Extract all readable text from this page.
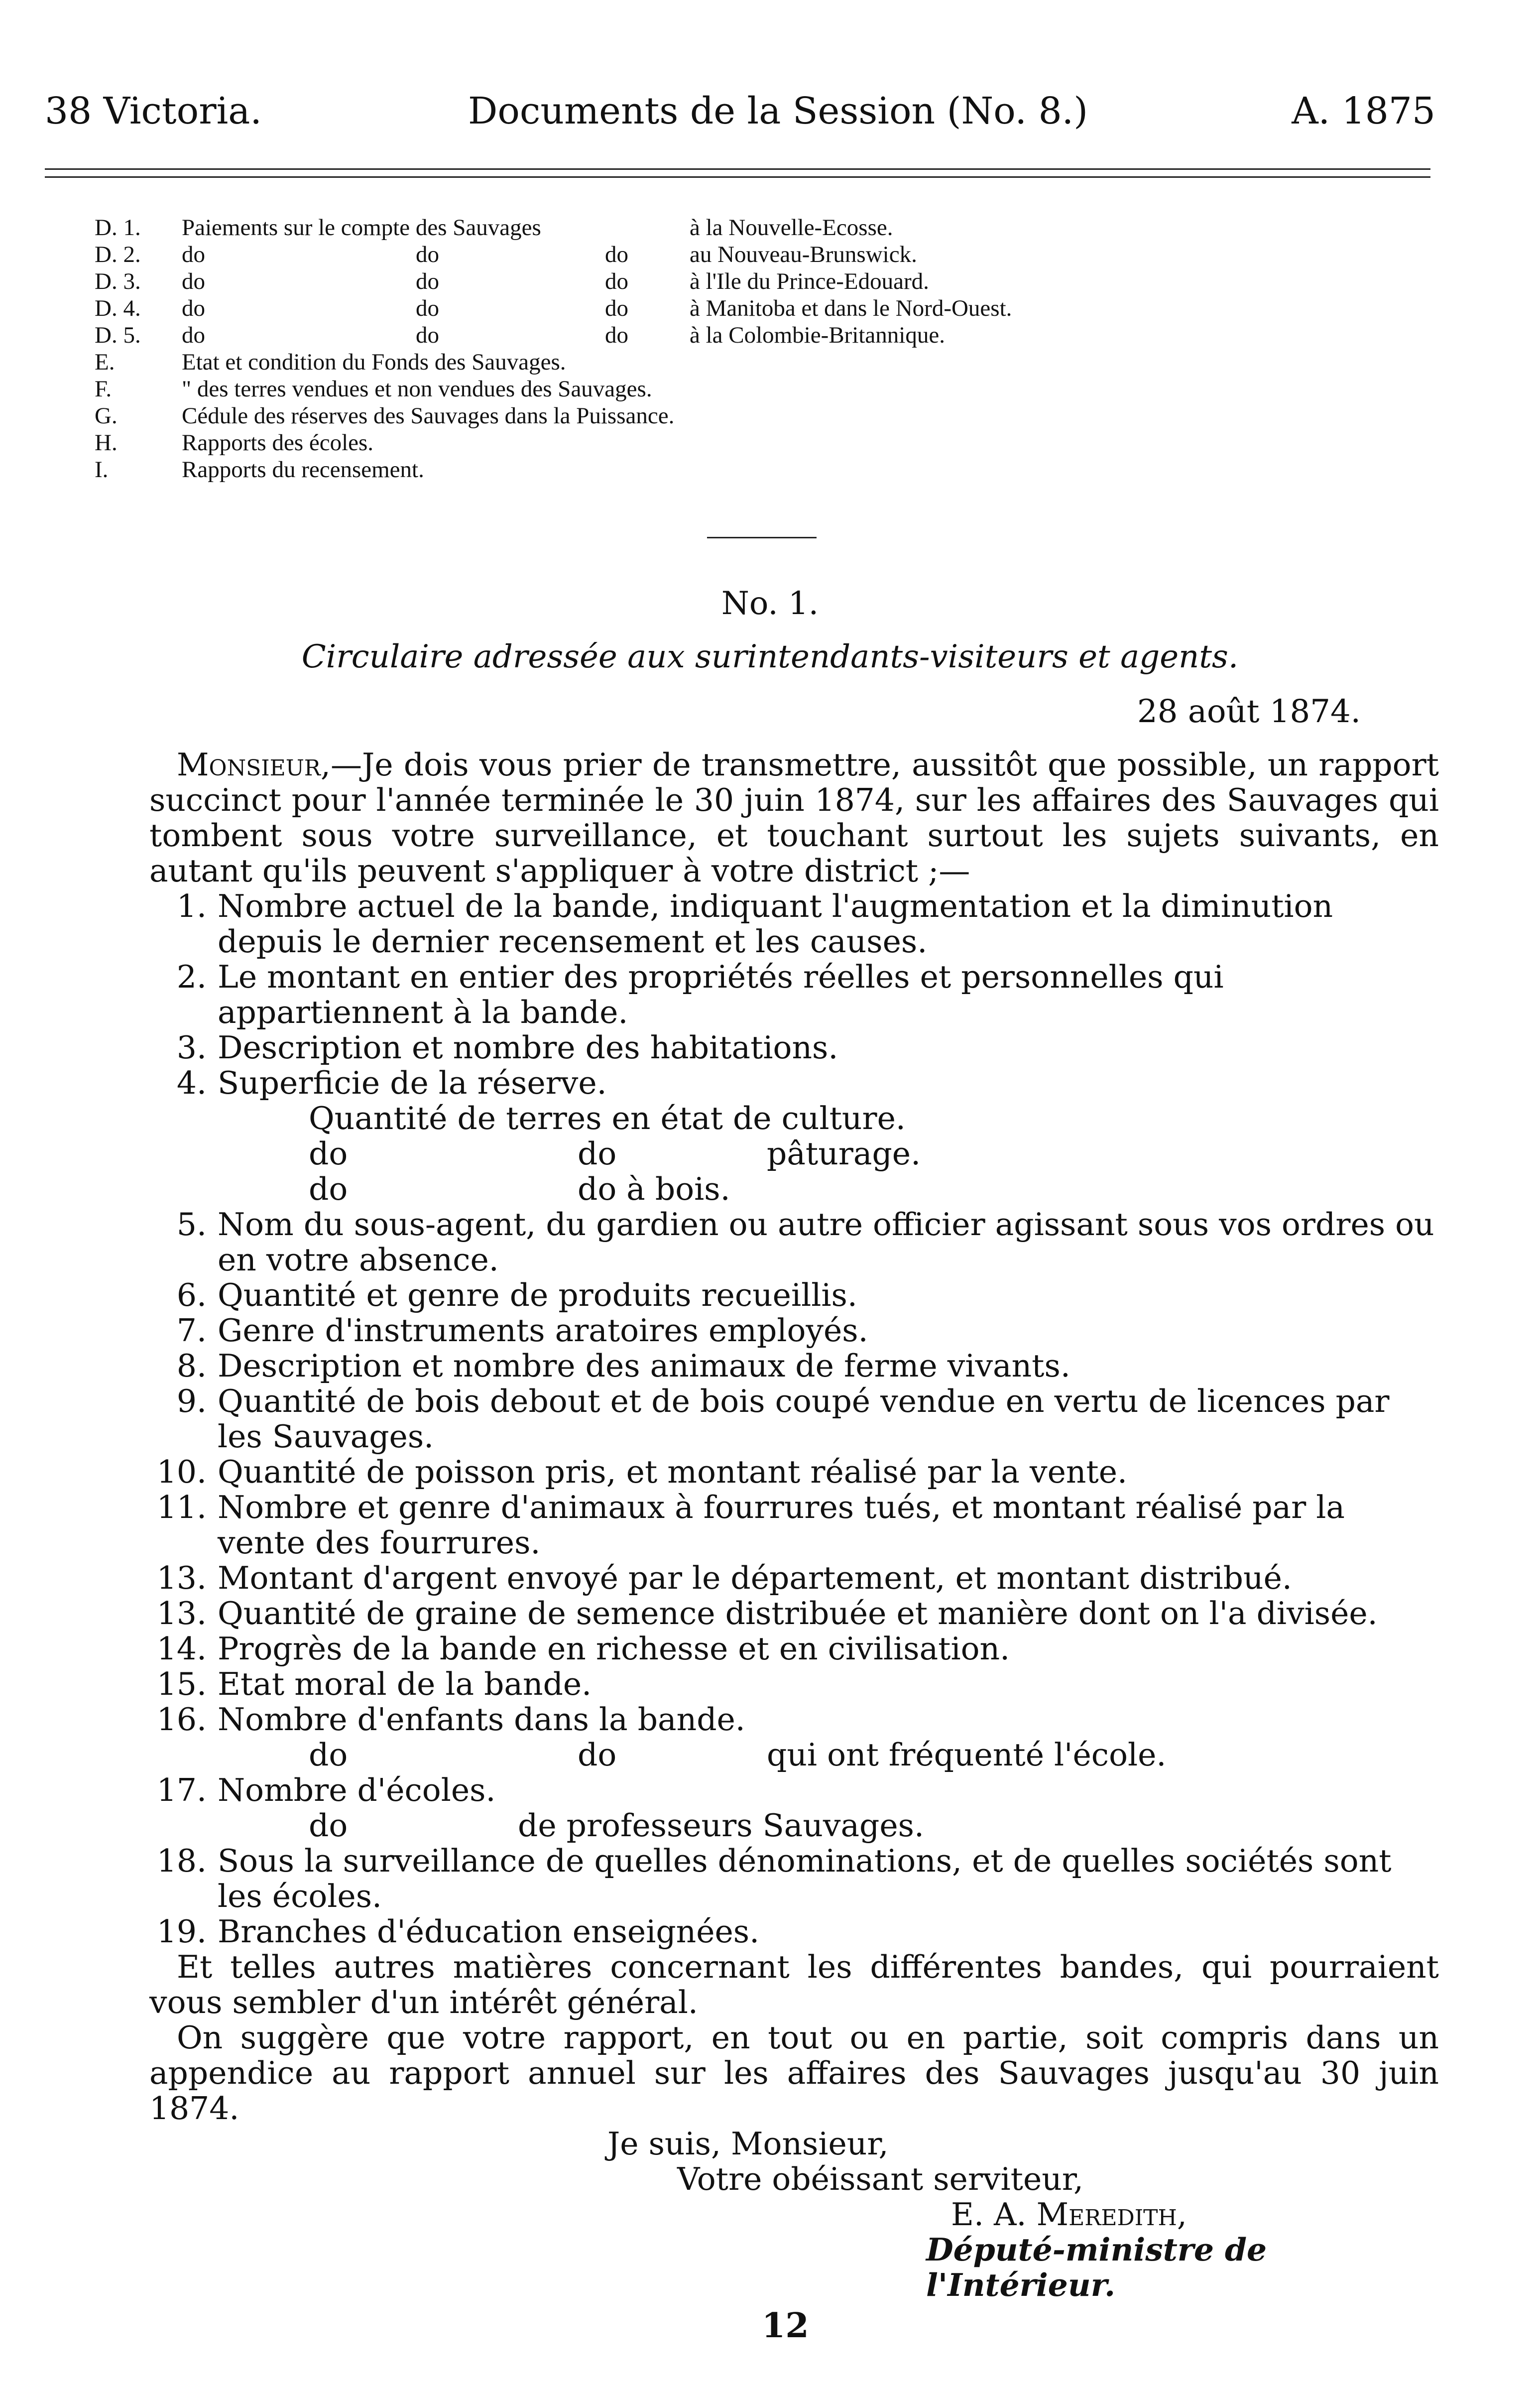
38 Victoria.	Documents de la Session (No. 8.)	A. 1875
D. 1. Paiements sur le compte des Sauvages	à la Nouvelle-Ecosse.
D. 2. do	do	do	au Nouveau-Brunswick.
D. 3. do	do	do	à l'Ile du Prince-Edouard.
D. 4. do	do	do	à Manitoba et dans le Nord-Ouest.
D. 5. do	do	do	à la Colombie-Britannique.
E.	Etat et condition du Fonds des Sauvages.
F.	" des terres vendues et non vendues des Sauvages.
G.	Cédule des réserves des Sauvages dans la Puissance.
H.	Rapports des écoles.
I.	Rapports du recensement.
No. 1.
Circulaire adressée aux surintendants-visiteurs et agents.
28 août 1874.

Monsieur,—Je dois vous prier de transmettre, aussitôt que possible, un rapport succinct pour l'année terminée le 30 juin 1874, sur les affaires des Sauvages qui tombent sous votre surveillance, et touchant surtout les sujets suivants, en autant qu'ils peuvent s'appliquer à votre district ;—

1. Nombre actuel de la bande, indiquant l'augmentation et la diminution depuis le dernier recensement et les causes.
2. Le montant en entier des propriétés réelles et personnelles qui appartiennent à la bande.
3. Description et nombre des habitations.
4. Superficie de la réserve.
Quantité de terres en état de culture.
do	do	pâturage.
do	do à bois.
5. Nom du sous-agent, du gardien ou autre officier agissant sous vos ordres ou en votre absence.
6. Quantité et genre de produits recueillis.
7. Genre d'instruments aratoires employés.
8. Description et nombre des animaux de ferme vivants.
9. Quantité de bois debout et de bois coupé vendue en vertu de licences par les Sauvages.
10. Quantité de poisson pris, et montant réalisé par la vente.
11. Nombre et genre d'animaux à fourrures tués, et montant réalisé par la vente des fourrures.
13. Montant d'argent envoyé par le département, et montant distribué.
13. Quantité de graine de semence distribuée et manière dont on l'a divisée.
14. Progrès de la bande en richesse et en civilisation.
15. Etat moral de la bande.
16. Nombre d'enfants dans la bande.
do	do	qui ont fréquenté l'école.
17. Nombre d'écoles.
do	de professeurs Sauvages.
18. Sous la surveillance de quelles dénominations, et de quelles sociétés sont les écoles.
19. Branches d'éducation enseignées.

Et telles autres matières concernant les différentes bandes, qui pourraient vous sembler d'un intérêt général.

On suggère que votre rapport, en tout ou en partie, soit compris dans un appendice au rapport annuel sur les affaires des Sauvages jusqu'au 30 juin 1874.

Je suis, Monsieur,
Votre obéissant serviteur,
E. A. Meredith,
Député-ministre de l'Intérieur.
12
